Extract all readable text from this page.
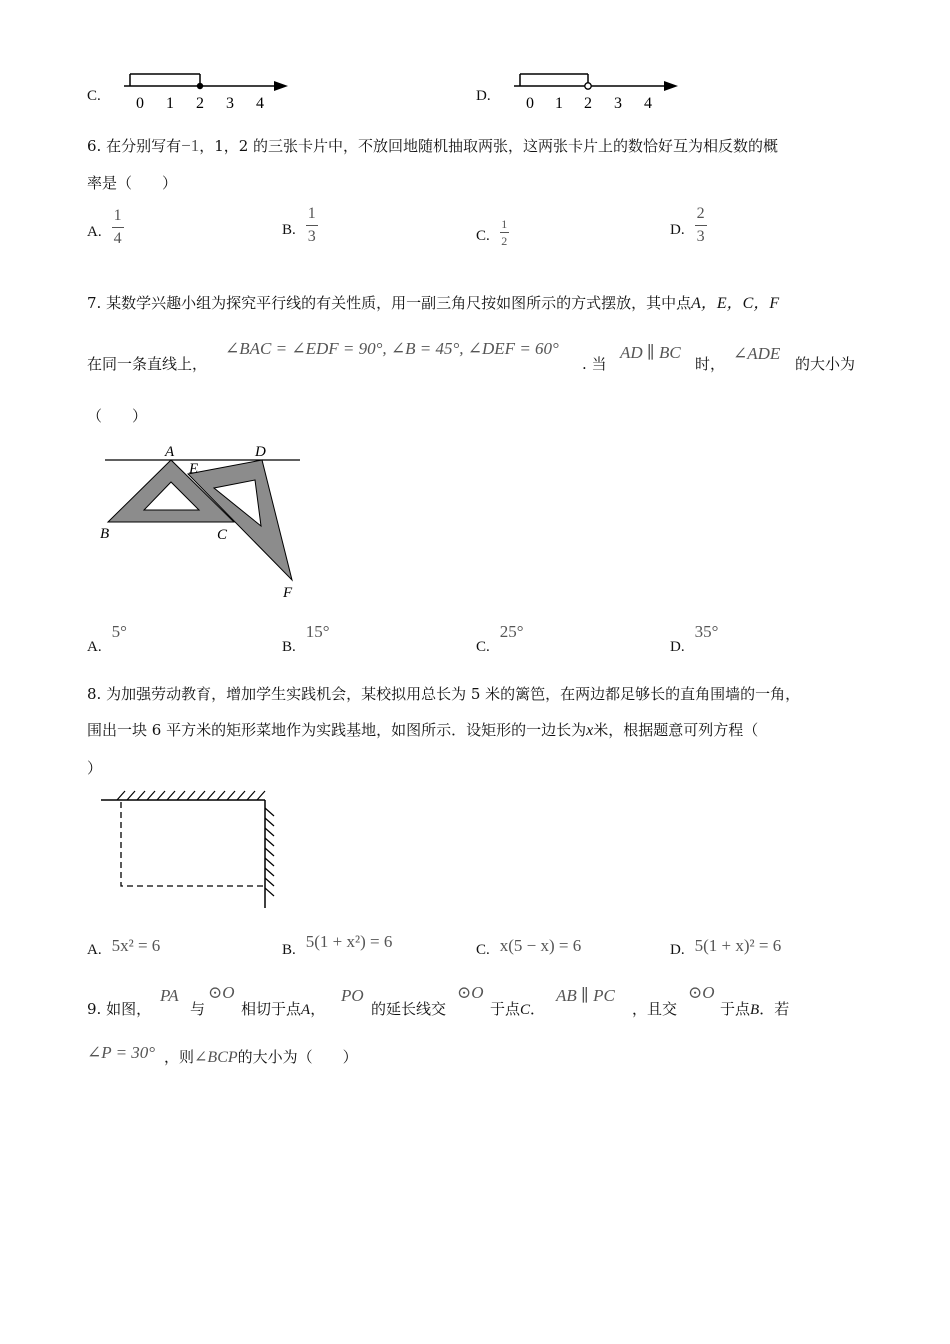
C. 0 1 2 3 4	D. 0 1 2 3 4
6. 在分别写有−1，1，2 的三张卡片中，不放回地随机抽取两张，这两张卡片上的数恰好互为相反数的概
率是（　　）
A. $\frac{1}{4}$	B. $\frac{1}{3}$	C. $\frac{1}{2}$	D. $\frac{2}{3}$
7. 某数学兴趣小组为探究平行线的有关性质，用一副三角尺按如图所示的方式摆放，其中点A，E，C，F
在同一条直线上，
∠BAC = ∠EDF = 90°, ∠B = 45°, ∠DEF = 60°
. 当
AD ∥ BC
时，
∠ADE
的大小为
（　　）
A	D
E
B	C
F
A.
5°
B.
15°
C.
25°
D.
35°
8. 为加强劳动教育，增加学生实践机会，某校拟用总长为 5 米的篱笆，在两边都足够长的直角围墙的一角，
围出一块 6 平方米的矩形菜地作为实践基地，如图所示．设矩形的一边长为x米，根据题意可列方程（
）
A. 5x² = 6	B. 5(1 + x²) = 6	C. x(5 − x) = 6	D. 5(1 + x)² = 6
9. 如图，
PA
与
⊙O
相切于点A，
PO
的延长线交
⊙O
于点C．
AB ∥ PC
，且交
⊙O
于点B．若
∠P = 30° ，则∠BCP的大小为（　　）
